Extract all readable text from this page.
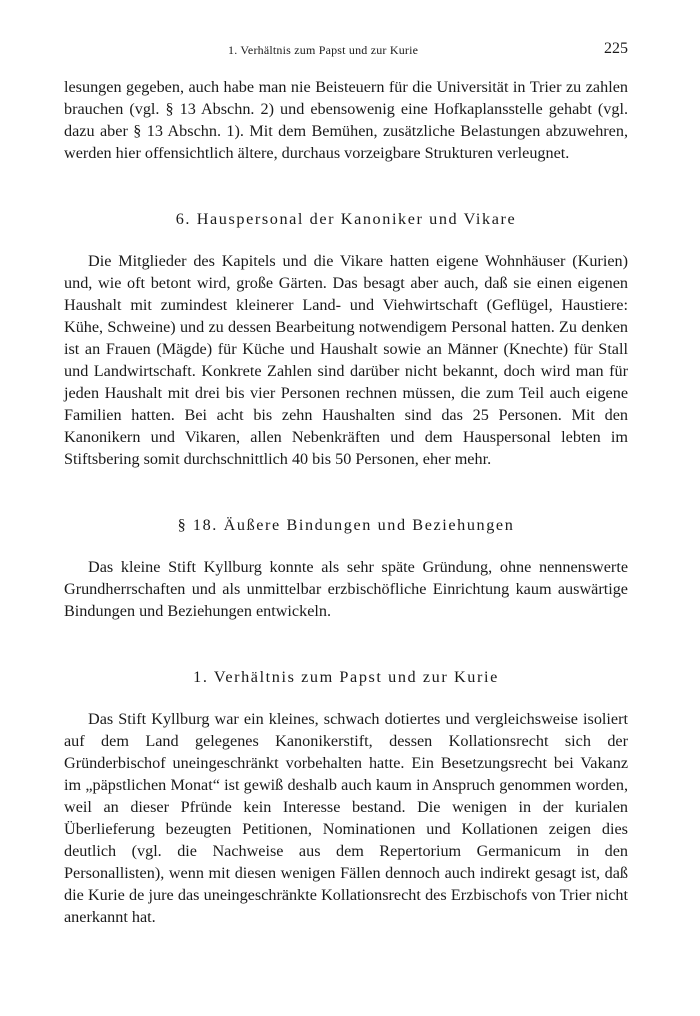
1. Verhältnis zum Papst und zur Kurie	225

lesungen gegeben, auch habe man nie Beisteuern für die Universität in Trier zu zahlen brauchen (vgl. § 13 Abschn. 2) und ebensowenig eine Hofkaplansstelle gehabt (vgl. dazu aber § 13 Abschn. 1). Mit dem Bemühen, zusätzliche Belastungen abzuwehren, werden hier offensichtlich ältere, durchaus vorzeigbare Strukturen verleugnet.

6. Hauspersonal der Kanoniker und Vikare

Die Mitglieder des Kapitels und die Vikare hatten eigene Wohnhäuser (Kurien) und, wie oft betont wird, große Gärten. Das besagt aber auch, daß sie einen eigenen Haushalt mit zumindest kleinerer Land- und Viehwirtschaft (Geflügel, Haustiere: Kühe, Schweine) und zu dessen Bearbeitung notwendigem Personal hatten. Zu denken ist an Frauen (Mägde) für Küche und Haushalt sowie an Männer (Knechte) für Stall und Landwirtschaft. Konkrete Zahlen sind darüber nicht bekannt, doch wird man für jeden Haushalt mit drei bis vier Personen rechnen müssen, die zum Teil auch eigene Familien hatten. Bei acht bis zehn Haushalten sind das 25 Personen. Mit den Kanonikern und Vikaren, allen Nebenkräften und dem Hauspersonal lebten im Stiftsbering somit durchschnittlich 40 bis 50 Personen, eher mehr.

§ 18. Äußere Bindungen und Beziehungen

Das kleine Stift Kyllburg konnte als sehr späte Gründung, ohne nennenswerte Grundherrschaften und als unmittelbar erzbischöfliche Einrichtung kaum auswärtige Bindungen und Beziehungen entwickeln.

1. Verhältnis zum Papst und zur Kurie

Das Stift Kyllburg war ein kleines, schwach dotiertes und vergleichsweise isoliert auf dem Land gelegenes Kanonikerstift, dessen Kollationsrecht sich der Gründerbischof uneingeschränkt vorbehalten hatte. Ein Besetzungsrecht bei Vakanz im „päpstlichen Monat“ ist gewiß deshalb auch kaum in Anspruch genommen worden, weil an dieser Pfründe kein Interesse bestand. Die wenigen in der kurialen Überlieferung bezeugten Petitionen, Nominationen und Kollationen zeigen dies deutlich (vgl. die Nachweise aus dem Repertorium Germanicum in den Personallisten), wenn mit diesen wenigen Fällen dennoch auch indirekt gesagt ist, daß die Kurie de jure das uneingeschränkte Kollationsrecht des Erzbischofs von Trier nicht anerkannt hat.
